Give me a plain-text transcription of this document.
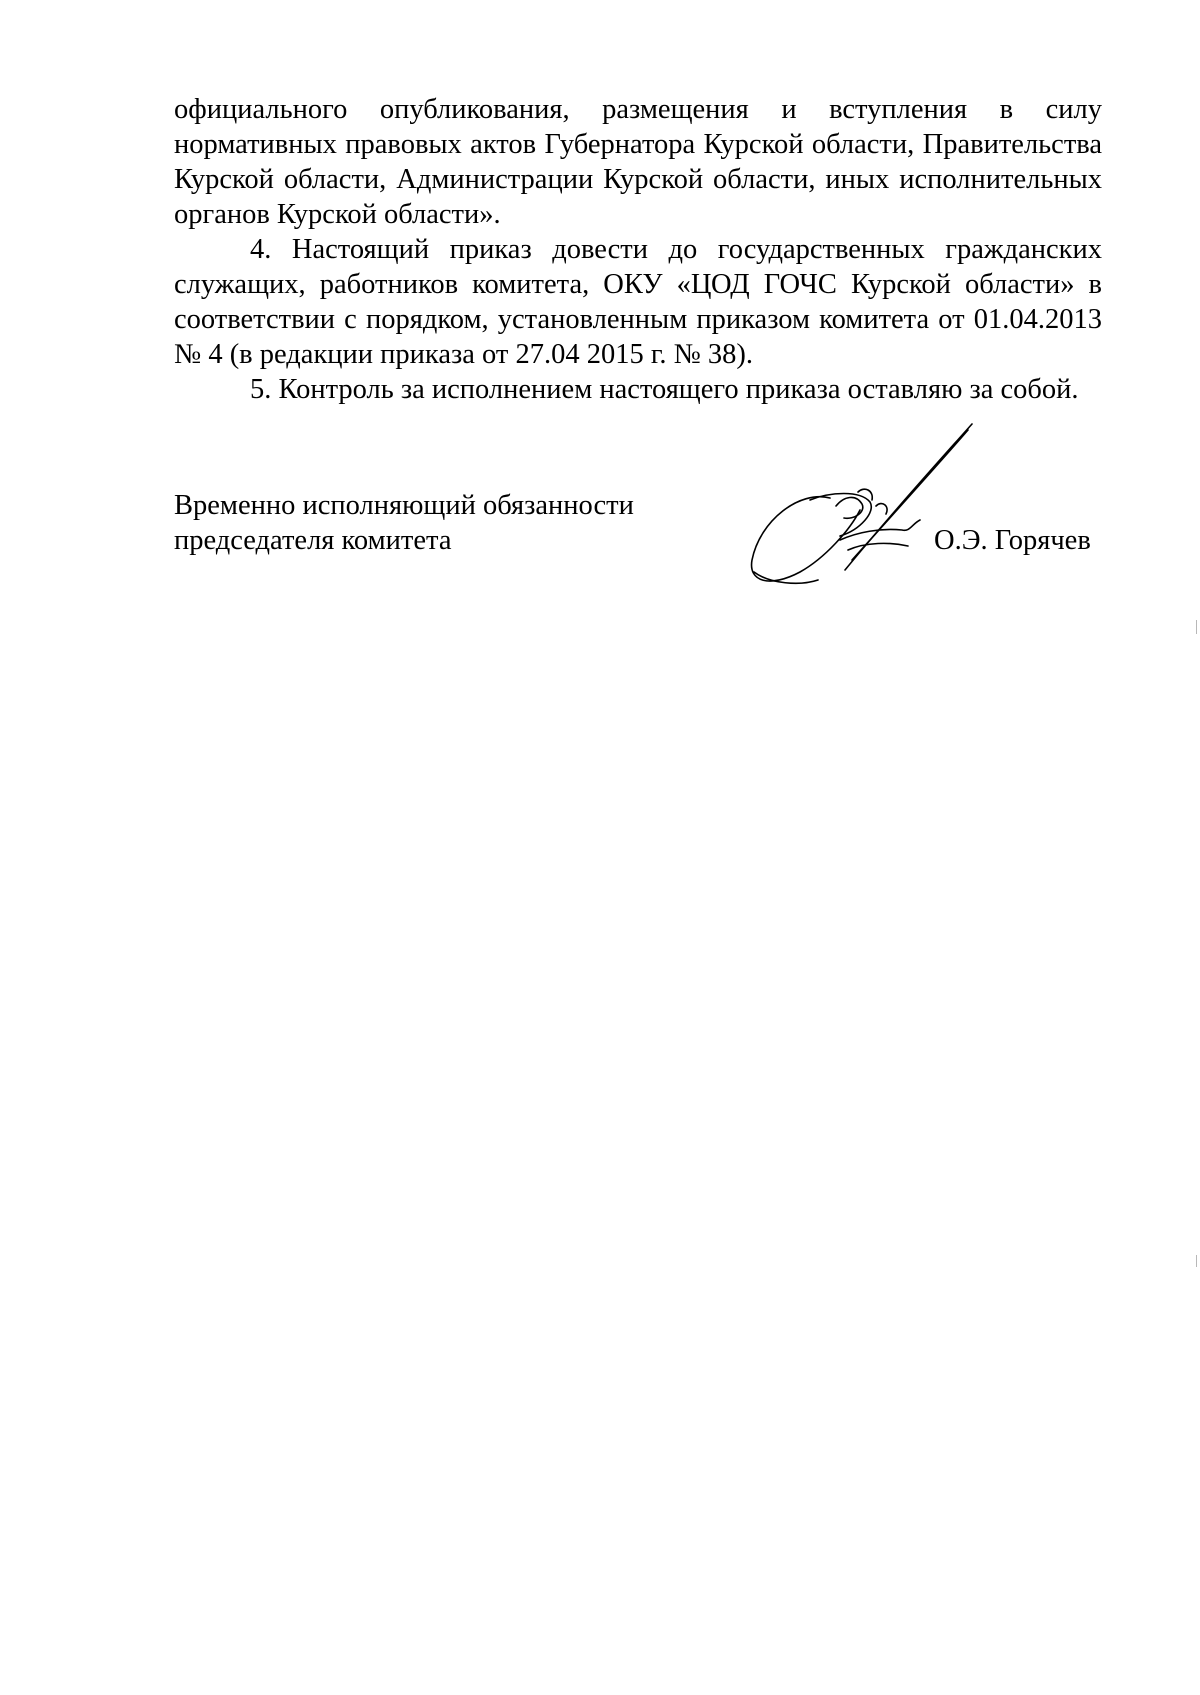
официального опубликования, размещения и вступления в силу нормативных правовых актов Губернатора Курской области, Правительства Курской области, Администрации Курской области, иных исполнительных органов Курской области».

4. Настоящий приказ довести до государственных гражданских служащих, работников комитета, ОКУ «ЦОД ГОЧС Курской области» в соответствии с порядком, установленным приказом комитета от 01.04.2013 № 4 (в редакции приказа от 27.04 2015 г. № 38).

5. Контроль за исполнением настоящего приказа оставляю за собой.

Временно исполняющий обязанности
председателя комитета	О.Э. Горячев
